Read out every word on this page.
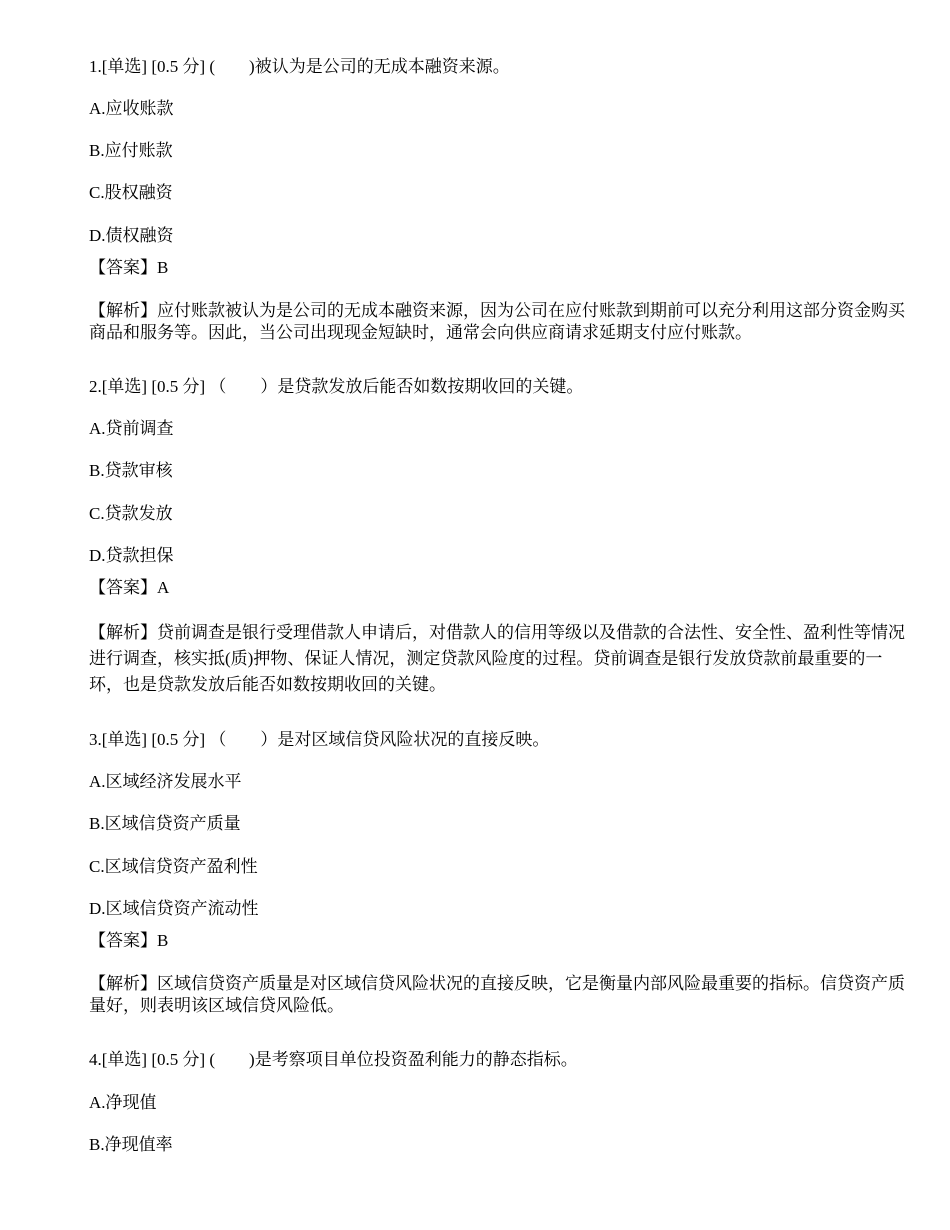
1.[单选] [0.5 分] (　　)被认为是公司的无成本融资来源。
A.应收账款
B.应付账款
C.股权融资
D.债权融资
【答案】B
【解析】应付账款被认为是公司的无成本融资来源，因为公司在应付账款到期前可以充分利用这部分资金购买商品和服务等。因此，当公司出现现金短缺时，通常会向供应商请求延期支付应付账款。
2.[单选] [0.5 分] （　　）是贷款发放后能否如数按期收回的关键。
A.贷前调查
B.贷款审核
C.贷款发放
D.贷款担保
【答案】A
【解析】贷前调查是银行受理借款人申请后，对借款人的信用等级以及借款的合法性、安全性、盈利性等情况进行调查，核实抵(质)押物、保证人情况，测定贷款风险度的过程。贷前调查是银行发放贷款前最重要的一环，也是贷款发放后能否如数按期收回的关键。
3.[单选] [0.5 分] （　　）是对区域信贷风险状况的直接反映。
A.区域经济发展水平
B.区域信贷资产质量
C.区域信贷资产盈利性
D.区域信贷资产流动性
【答案】B
【解析】区域信贷资产质量是对区域信贷风险状况的直接反映，它是衡量内部风险最重要的指标。信贷资产质量好，则表明该区域信贷风险低。
4.[单选] [0.5 分] (　　)是考察项目单位投资盈利能力的静态指标。
A.净现值
B.净现值率
